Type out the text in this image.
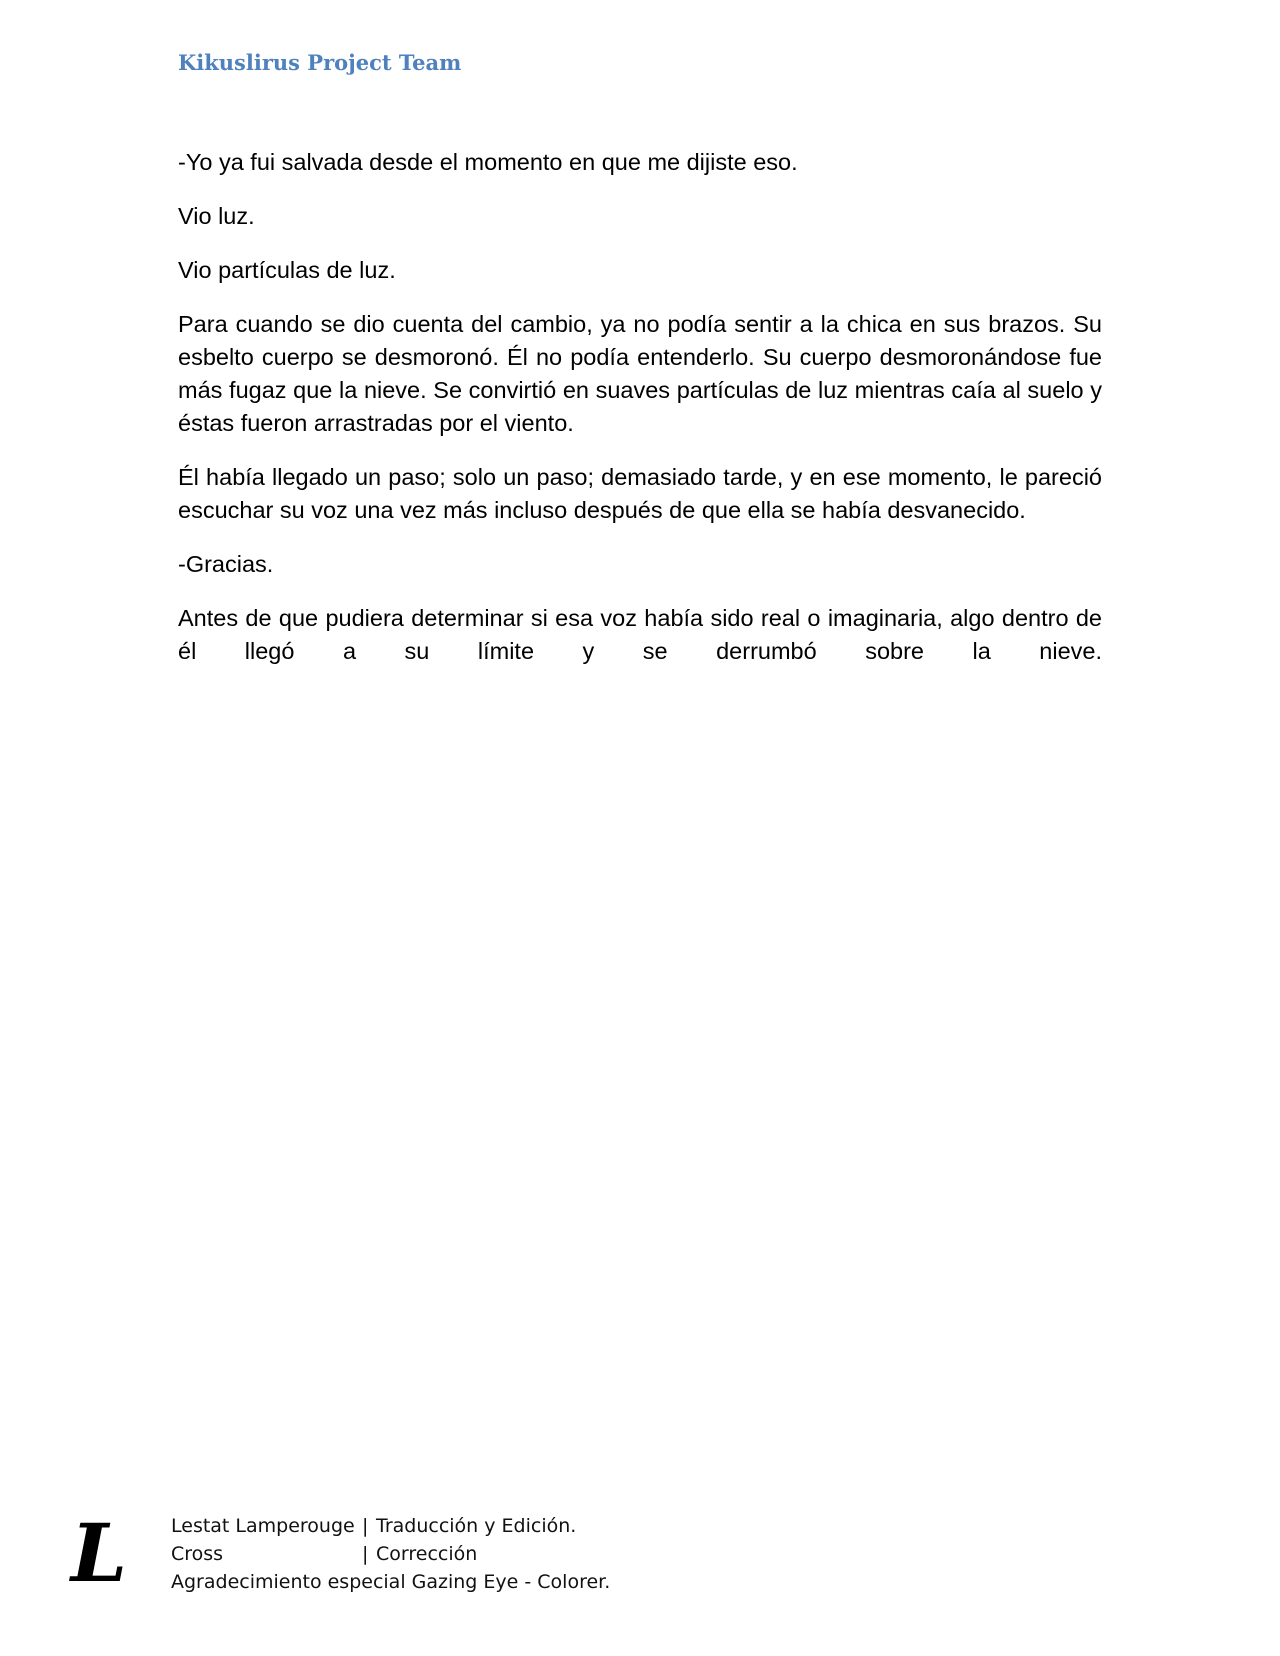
Kikuslirus Project Team

-Yo ya fui salvada desde el momento en que me dijiste eso.

Vio luz.

Vio partículas de luz.

Para cuando se dio cuenta del cambio, ya no podía sentir a la chica en sus brazos. Su esbelto cuerpo se desmoronó. Él no podía entenderlo. Su cuerpo desmoronándose fue más fugaz que la nieve. Se convirtió en suaves partículas de luz mientras caía al suelo y éstas fueron arrastradas por el viento.

Él había llegado un paso; solo un paso; demasiado tarde, y en ese momento, le pareció escuchar su voz una vez más incluso después de que ella se había desvanecido.

-Gracias.

Antes de que pudiera determinar si esa voz había sido real o imaginaria, algo dentro de él llegó a su límite y se derrumbó sobre la nieve.

L Lestat Lamperouge | Traducción y Edición.
Cross	| Corrección
Agradecimiento especial Gazing Eye - Colorer.
